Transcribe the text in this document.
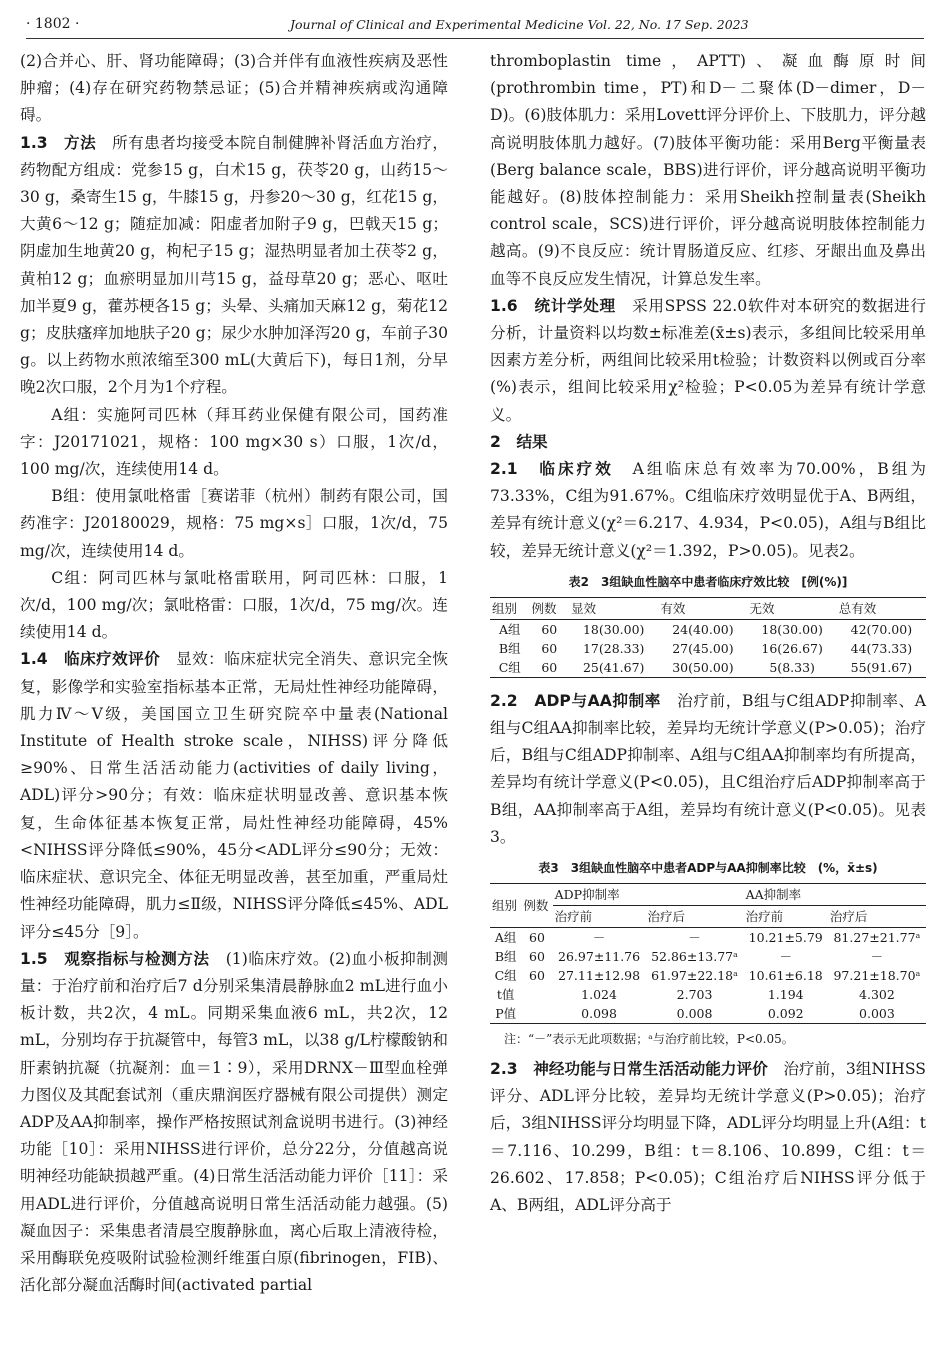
· 1802 ·	Journal of Clinical and Experimental Medicine Vol. 22, No. 17 Sep. 2023

(2)合并心、肝、肾功能障碍；(3)合并伴有血液性疾病及恶性肿瘤；(4)存在研究药物禁忌证；(5)合并精神疾病或沟通障碍。

1.3　方法　 所有患者均接受本院自制健脾补肾活血方治疗，药物配方组成：党参15 g，白术15 g，茯苓20 g，山药15～30 g，桑寄生15 g，牛膝15 g，丹参20～30 g，红花15 g，大黄6～12 g；随症加减：阳虚者加附子9 g，巴戟天15 g；阴虚加生地黄20 g，枸杞子15 g；湿热明显者加土茯苓2 g，黄柏12 g；血瘀明显加川芎15 g，益母草20 g；恶心、呕吐加半夏9 g，藿苏梗各15 g；头晕、头痛加天麻12 g，菊花12 g；皮肤瘙痒加地肤子20 g；尿少水肿加泽泻20 g，车前子30 g。以上药物水煎浓缩至300 mL(大黄后下)，每日1剂，分早晚2次口服，2个月为1个疗程。

A组：实施阿司匹林（拜耳药业保健有限公司，国药准字：J20171021，规格：100 mg×30 s）口服，1次/d，100 mg/次，连续使用14 d。

B组：使用氯吡格雷［赛诺菲（杭州）制药有限公司，国药准字：J20180029，规格：75 mg×s］口服，1次/d，75 mg/次，连续使用14 d。

C组：阿司匹林与氯吡格雷联用，阿司匹林：口服，1次/d，100 mg/次；氯吡格雷：口服，1次/d，75 mg/次。连续使用14 d。

1.4　临床疗效评价　 显效：临床症状完全消失、意识完全恢复，影像学和实验室指标基本正常，无局灶性神经功能障碍，肌力Ⅳ～Ⅴ级，美国国立卫生研究院卒中量表(National Institute of Health stroke scale，NIHSS)评分降低≥90%、日常生活活动能力(activities of daily living，ADL)评分>90分；有效：临床症状明显改善、意识基本恢复，生命体征基本恢复正常，局灶性神经功能障碍，45%<NIHSS评分降低≤90%，45分<ADL评分≤90分；无效：临床症状、意识完全、体征无明显改善，甚至加重，严重局灶性神经功能障碍，肌力≤Ⅱ级，NIHSS评分降低≤45%、ADL评分≤45分［9］。

1.5　观察指标与检测方法　 (1)临床疗效。(2)血小板抑制测量：于治疗前和治疗后7 d分别采集清晨静脉血2 mL进行血小板计数，共2次，4 mL。同期采集血液6 mL，共2次，12 mL，分别均存于抗凝管中，每管3 mL，以38 g/L柠檬酸钠和肝素钠抗凝（抗凝剂：血＝1∶9），采用DRNX－Ⅲ型血栓弹力图仪及其配套试剂（重庆鼎润医疗器械有限公司提供）测定ADP及AA抑制率，操作严格按照试剂盒说明书进行。(3)神经功能［10］：采用NIHSS进行评价，总分22分，分值越高说明神经功能缺损越严重。(4)日常生活活动能力评价［11］：采用ADL进行评价，分值越高说明日常生活活动能力越强。(5)凝血因子：采集患者清晨空腹静脉血，离心后取上清液待检，采用酶联免疫吸附试验检测纤维蛋白原(fibrinogen，FIB)、活化部分凝血活酶时间(activated partial

thromboplastin time，APTT)、凝血酶原时间(prothrombin time，PT)和D－二聚体(D－dimer，D－D)。(6)肢体肌力：采用Lovett评分评价上、下肢肌力，评分越高说明肢体肌力越好。(7)肢体平衡功能：采用Berg平衡量表(Berg balance scale，BBS)进行评价，评分越高说明平衡功能越好。(8)肢体控制能力：采用Sheikh控制量表(Sheikh control scale，SCS)进行评价，评分越高说明肢体控制能力越高。(9)不良反应：统计胃肠道反应、红疹、牙龈出血及鼻出血等不良反应发生情况，计算总发生率。

1.6　统计学处理　 采用SPSS 22.0软件对本研究的数据进行分析，计量资料以均数±标准差(x̄±s)表示，多组间比较采用单因素方差分析，两组间比较采用t检验；计数资料以例或百分率(%)表示，组间比较采用χ²检验；P<0.05为差异有统计学意义。

2　结果

2.1　临床疗效　 A组临床总有效率为70.00%，B组为73.33%，C组为91.67%。C组临床疗效明显优于A、B两组，差异有统计意义(χ²＝6.217、4.934，P<0.05)，A组与B组比较，差异无统计意义(χ²＝1.392，P>0.05)。见表2。

表2　3组缺血性脑卒中患者临床疗效比较　[例(%)]
组别	例数	显效	有效	无效	总有效
A组	60	18(30.00)	24(40.00)	18(30.00)	42(70.00)
B组	60	17(28.33)	27(45.00)	16(26.67)	44(73.33)
C组	60	25(41.67)	30(50.00)	5(8.33)	55(91.67)

2.2　ADP与AA抑制率　 治疗前，B组与C组ADP抑制率、A组与C组AA抑制率比较，差异均无统计学意义(P>0.05)；治疗后，B组与C组ADP抑制率、A组与C组AA抑制率均有所提高，差异均有统计学意义(P<0.05)，且C组治疗后ADP抑制率高于B组，AA抑制率高于A组，差异均有统计意义(P<0.05)。见表3。

表3　3组缺血性脑卒中患者ADP与AA抑制率比较　(%，x̄±s)
组别	例数	ADP抑制率		AA抑制率	
		治疗前	治疗后	治疗前	治疗后
A组	60	－	－	10.21±5.79	81.27±21.77ᵃ
B组	60	26.97±11.76	52.86±13.77ᵃ	－	－
C组	60	27.11±12.98	61.97±22.18ᵃ	10.61±6.18	97.21±18.70ᵃ
t值		1.024	2.703	1.194	4.302
P值		0.098	0.008	0.092	0.003
注：“－”表示无此项数据；ᵃ与治疗前比较，P<0.05。

2.3　神经功能与日常生活活动能力评价　 治疗前，3组NIHSS评分、ADL评分比较，差异均无统计学意义(P>0.05)；治疗后，3组NIHSS评分均明显下降，ADL评分均明显上升(A组：t＝7.116、10.299，B组：t＝8.106、10.899，C组：t＝26.602、17.858；P<0.05)；C组治疗后NIHSS评分低于A、B两组，ADL评分高于
